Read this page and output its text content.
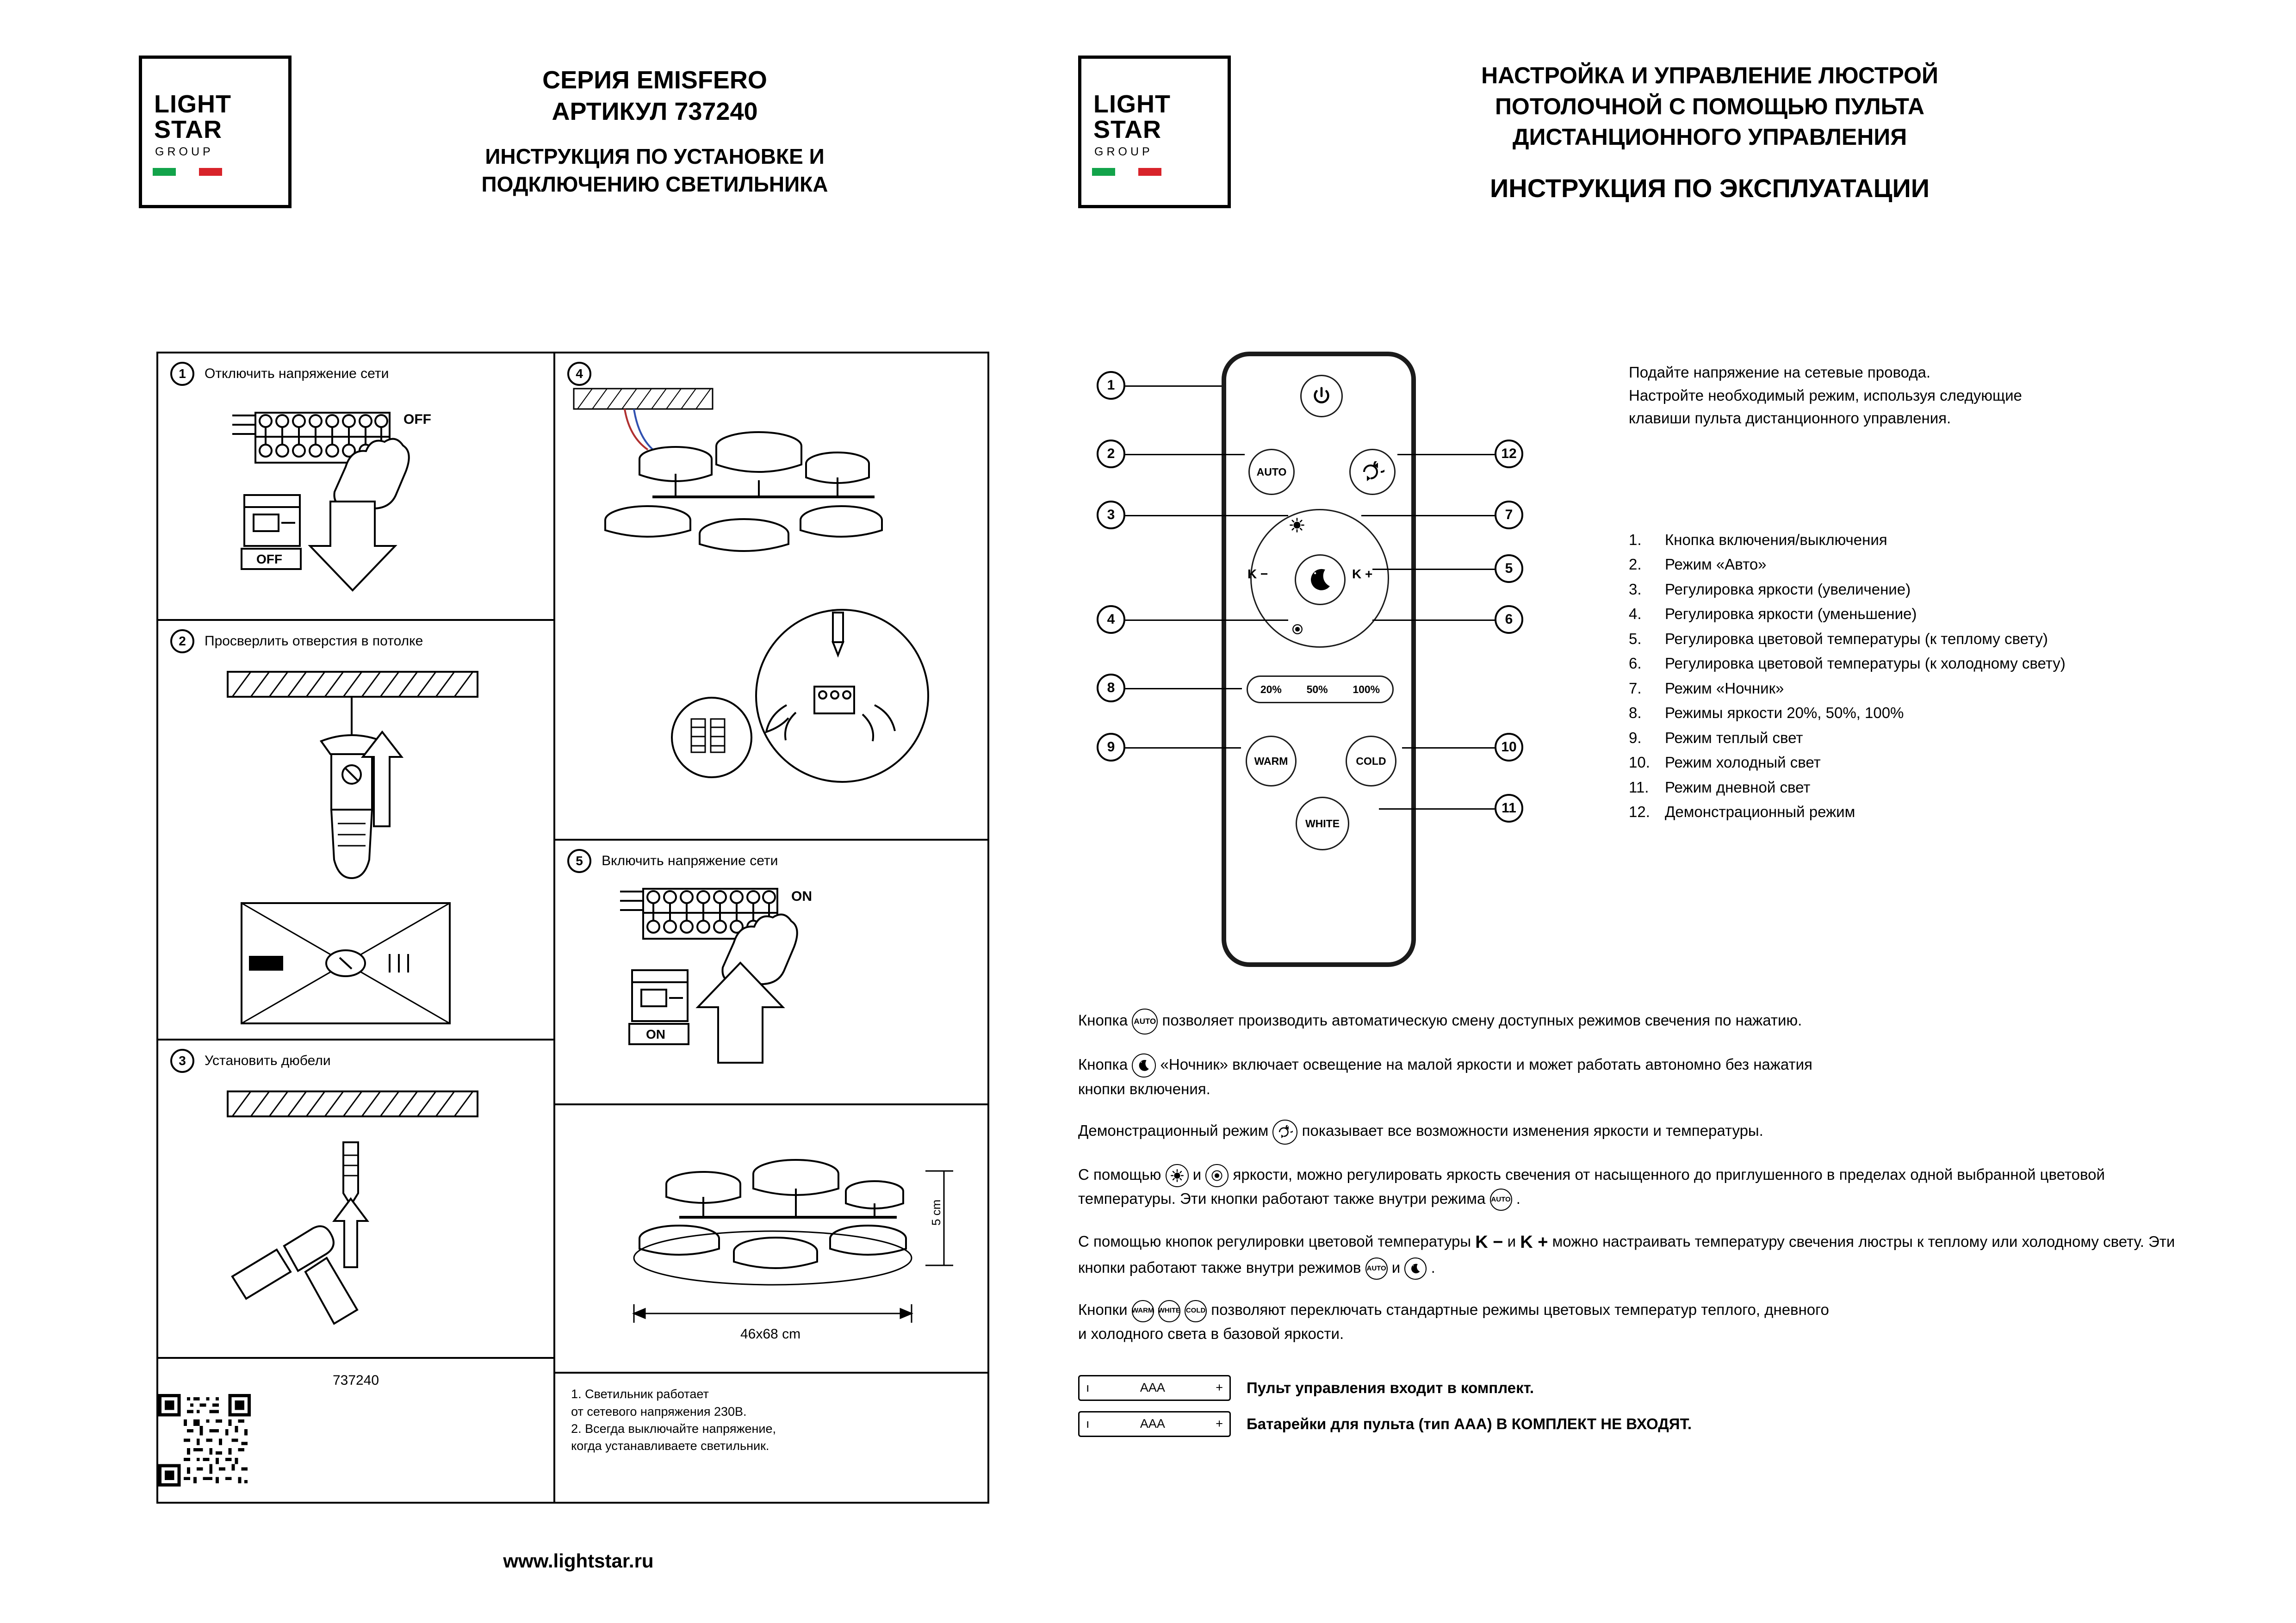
LIGHT
STAR
GROUP
СЕРИЯ EMISFERO
АРТИКУЛ 737240
ИНСТРУКЦИЯ ПО УСТАНОВКЕ И
ПОДКЛЮЧЕНИЮ СВЕТИЛЬНИКА
1	Отключить напряжение сети
OFF
OFF
2	Просверлить отверстия в потолке
3	Установить дюбели
737240
4
5	Включить напряжение сети
ON
ON
5 cm
46x68 cm
1. Светильник работает
от сетевого напряжения 230В.
2. Всегда выключайте напряжение,
когда устанавливаете светильник.
www.lightstar.ru
LIGHT
STAR
GROUP
НАСТРОЙКА И УПРАВЛЕНИЕ ЛЮСТРОЙ
ПОТОЛОЧНОЙ С ПОМОЩЬЮ ПУЛЬТА
ДИСТАНЦИОННОГО УПРАВЛЕНИЯ
ИНСТРУКЦИЯ ПО ЭКСПЛУАТАЦИИ
AUTO
K −	K +
20% 50% 100%
WARM	COLD
WHITE
1
2
3
4
8
9
12
7
5
6
10
11
Подайте напряжение на сетевые провода.
Настройте необходимый режим, используя следующие
клавиши пульта дистанционного управления.
1.	Кнопка включения/выключения
2.	Режим «Авто»
3.	Регулировка яркости (увеличение)
4.	Регулировка яркости (уменьшение)
5.	Регулировка цветовой температуры (к теплому свету)
6.	Регулировка цветовой температуры (к холодному свету)
7.	Режим «Ночник»
8.	Режимы яркости 20%, 50%, 100%
9.	Режим теплый свет
10. Режим холодный свет
11.	Режим дневной свет
12. Демонстрационный режим
Кнопка AUTO позволяет производить автоматическую смену доступных режимов свечения по нажатию.
Кнопка «Ночник» включает освещение на малой яркости и может работать автономно без нажатия
кнопки включения.
Демонстрационный режим показывает все возможности изменения яркости и температуры.
С помощью и яркости, можно регулировать яркость свечения от насыщенного до приглушенного в пределах одной выбранной цветовой температуры. Эти кнопки работают также внутри режима AUTO .
С помощью кнопок регулировки цветовой температуры K − и K + можно настраивать температуру свечения люстры к теплому или холодному свету. Эти кнопки работают также внутри режимов AUTO и .
Кнопки WARM WHITE COLD позволяют переключать стандартные режимы цветовых температур теплого, дневного
и холодного света в базовой яркости.
ı	AAA	+ Пульт управления входит в комплект.
ı	AAA	+ Батарейки для пульта (тип ААА) В КОМПЛЕКТ НЕ ВХОДЯТ.
